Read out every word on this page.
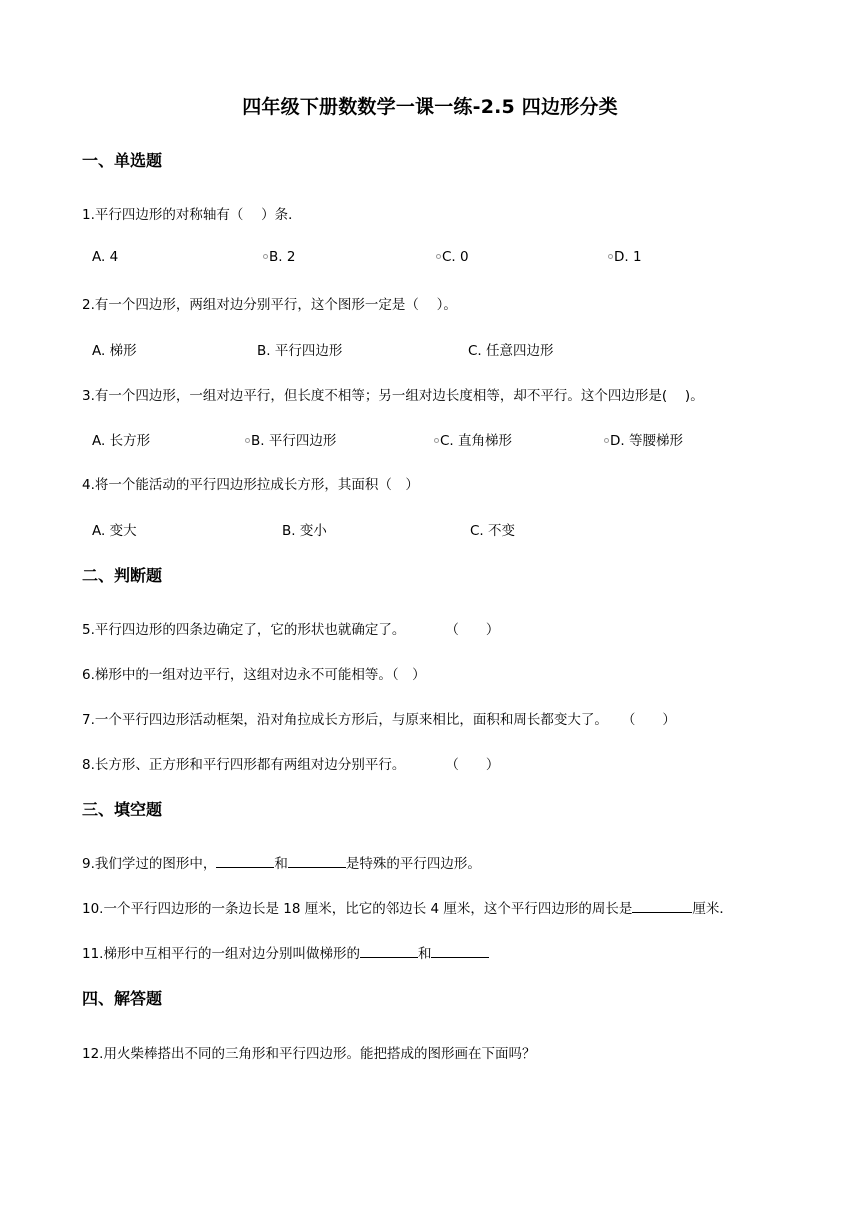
四年级下册数数学一课一练-2.5 四边形分类
一、单选题
1.平行四边形的对称轴有（　 ）条．
A. 4	B. 2	C. 0	D. 1
2.有一个四边形，两组对边分别平行，这个图形一定是（　 ）。
A. 梯形	B. 平行四边形	C. 任意四边形
3.有一个四边形，一组对边平行，但长度不相等；另一组对边长度相等，却不平行。这个四边形是(　 )。
A. 长方形	B. 平行四边形	C. 直角梯形	D. 等腰梯形
4.将一个能活动的平行四边形拉成长方形，其面积（　）
A. 变大	B. 变小	C. 不变
二、判断题
5.平行四边形的四条边确定了，它的形状也就确定了。	（　　）
6.梯形中的一组对边平行，这组对边永不可能相等。（　）
7.一个平行四边形活动框架，沿对角拉成长方形后，与原来相比，面积和周长都变大了。 （　　）
8.长方形、正方形和平行四形都有两组对边分别平行。	（　　）
三、填空题
9.我们学过的图形中，	和	是特殊的平行四边形。
10.一个平行四边形的一条边长是 18 厘米，比它的邻边长 4 厘米，这个平行四边形的周长是	厘米．
11.梯形中互相平行的一组对边分别叫做梯形的	和
四、解答题
12.用火柴棒搭出不同的三角形和平行四边形。能把搭成的图形画在下面吗？
